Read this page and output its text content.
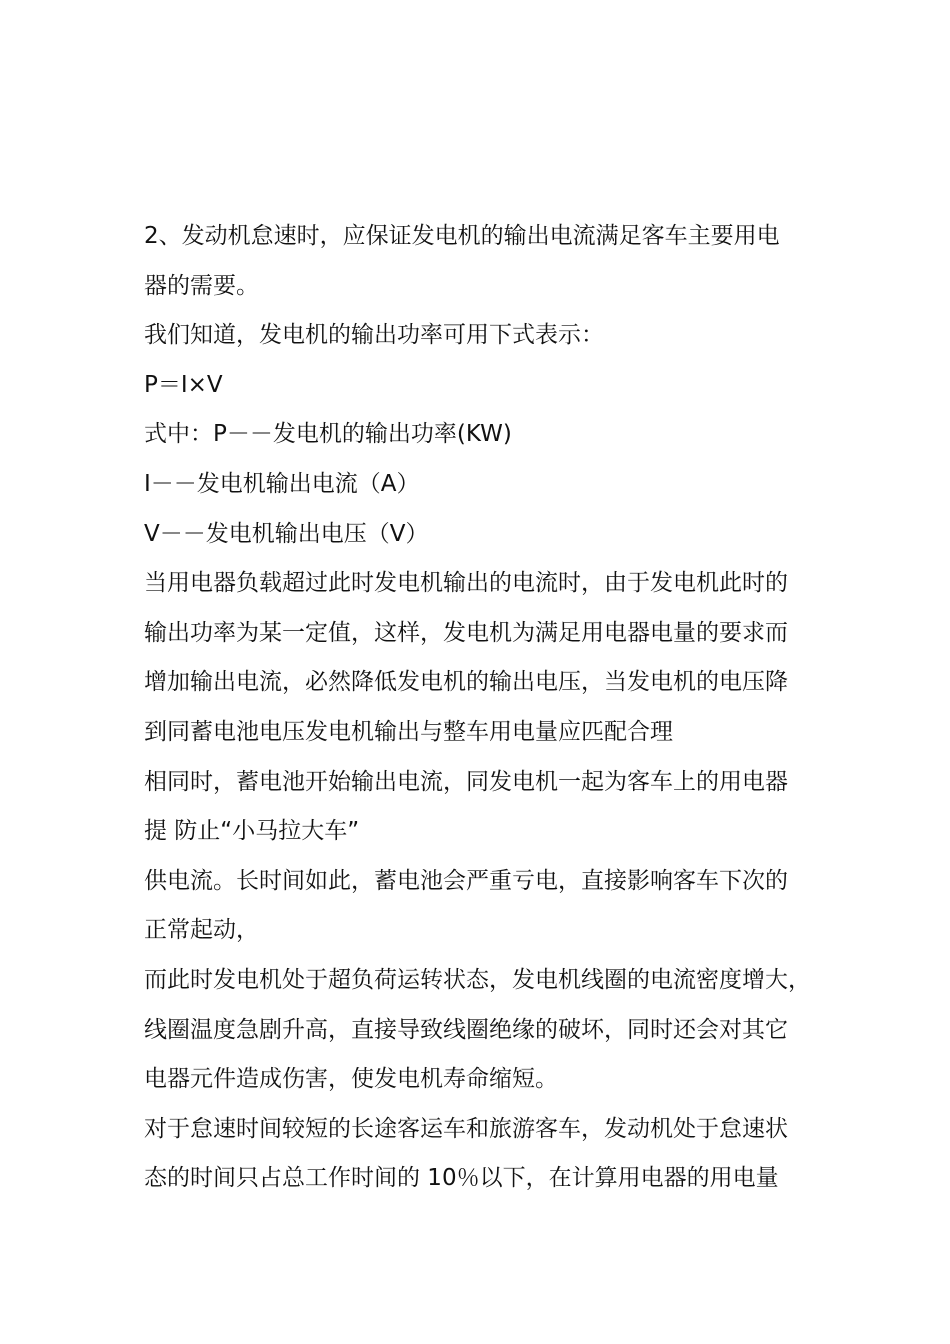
2、发动机怠速时，应保证发电机的输出电流满足客车主要用电
器的需要。
我们知道，发电机的输出功率可用下式表示：
P＝I×V
式中：P－－发电机的输出功率(KW)
I－－发电机输出电流（A）
V－－发电机输出电压（V）
当用电器负载超过此时发电机输出的电流时，由于发电机此时的
输出功率为某一定值，这样，发电机为满足用电器电量的要求而
增加输出电流，必然降低发电机的输出电压，当发电机的电压降
到同蓄电池电压发电机输出与整车用电量应匹配合理
相同时，蓄电池开始输出电流，同发电机一起为客车上的用电器
提 防止“小马拉大车”
供电流。长时间如此，蓄电池会严重亏电，直接影响客车下次的
正常起动，
而此时发电机处于超负荷运转状态，发电机线圈的电流密度增大，
线圈温度急剧升高，直接导致线圈绝缘的破坏，同时还会对其它
电器元件造成伤害，使发电机寿命缩短。
对于怠速时间较短的长途客运车和旅游客车，发动机处于怠速状
态的时间只占总工作时间的 10％以下，在计算用电器的用电量
